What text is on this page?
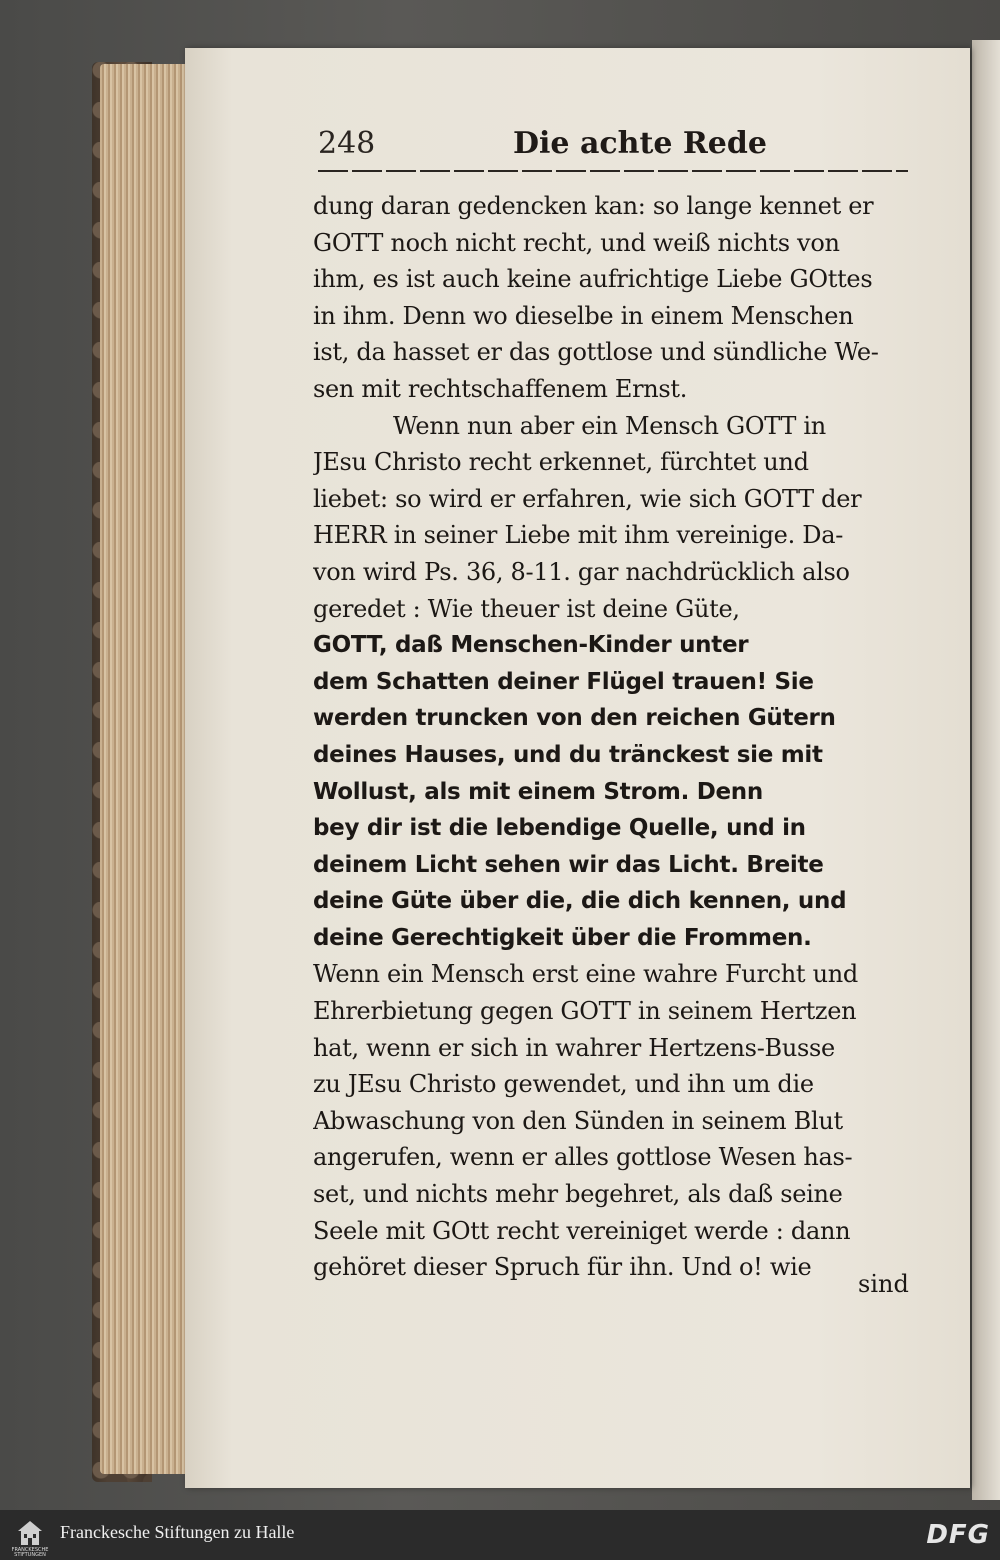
248	Die achte Rede
dung daran gedencken kan: so lange kennet er
GOTT noch nicht recht, und weiß nichts von
ihm, es ist auch keine aufrichtige Liebe GOttes
in ihm. Denn wo dieselbe in einem Menschen
ist, da hasset er das gottlose und sündliche We-
sen mit rechtschaffenem Ernst.
Wenn nun aber ein Mensch GOTT in
JEsu Christo recht erkennet, fürchtet und
liebet: so wird er erfahren, wie sich GOTT der
HERR in seiner Liebe mit ihm vereinige. Da-
von wird Ps. 36, 8-11. gar nachdrücklich also
geredet : Wie theuer ist deine Güte,
GOTT, daß Menschen-Kinder unter
dem Schatten deiner Flügel trauen! Sie
werden truncken von den reichen Gütern
deines Hauses, und du tränckest sie mit
Wollust, als mit einem Strom. Denn
bey dir ist die lebendige Quelle, und in
deinem Licht sehen wir das Licht. Breite
deine Güte über die, die dich kennen, und
deine Gerechtigkeit über die Frommen.
Wenn ein Mensch erst eine wahre Furcht und
Ehrerbietung gegen GOTT in seinem Hertzen
hat, wenn er sich in wahrer Hertzens-Busse
zu JEsu Christo gewendet, und ihn um die
Abwaschung von den Sünden in seinem Blut
angerufen, wenn er alles gottlose Wesen has-
set, und nichts mehr begehret, als daß seine
Seele mit GOtt recht vereiniget werde : dann
gehöret dieser Spruch für ihn. Und o! wie
sind
FRANCKESCHE STIFTUNGEN
Franckesche Stiftungen zu Halle	DFG
